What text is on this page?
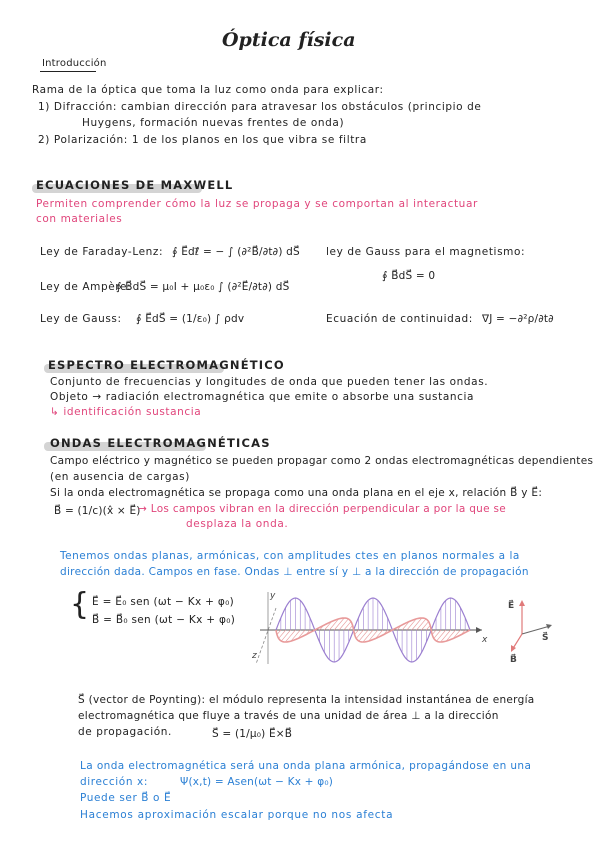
Óptica física
Introducción
Rama de la óptica que toma la luz como onda para explicar:
1) Difracción: cambian dirección para atravesar los obstáculos (principio de
Huygens, formación nuevas frentes de onda)
2) Polarización: 1 de los planos en los que vibra se filtra
ECUACIONES DE MAXWELL
Permiten comprender cómo la luz se propaga y se comportan al interactuar
con materiales
Ley de Faraday-Lenz: ∮ E⃗dℓ⃗ = − ∫ (∂²B⃗/∂t∂) dS⃗ ley de Gauss para el magnetismo:
∮ B⃗dS⃗ = 0
Ley de Ampère:
∮ B⃗dS⃗ = μ₀I + μ₀ε₀ ∫ (∂²E⃗/∂t∂) dS⃗
Ley de Gauss: ∮ E⃗dS⃗ = (1/ε₀) ∫ ρdv	Ecuación de continuidad: ∇J = −∂²ρ/∂t∂
ESPECTRO ELECTROMAGNÉTICO
Conjunto de frecuencias y longitudes de onda que pueden tener las ondas.
Objeto → radiación electromagnética que emite o absorbe una sustancia
↳ identificación sustancia
ONDAS ELECTROMAGNÉTICAS
Campo eléctrico y magnético se pueden propagar como 2 ondas electromagnéticas dependientes
(en ausencia de cargas)
Si la onda electromagnética se propaga como una onda plana en el eje x, relación B⃗ y E⃗:
B⃗ = (1/c)(x̂ × E⃗)
→ Los campos vibran en la dirección perpendicular a por la que se
desplaza la onda.
Tenemos ondas planas, armónicas, con amplitudes ctes en planos normales a la
dirección dada. Campos en fase. Ondas ⊥ entre sí y ⊥ a la dirección de propagación
{ E⃗ = E⃗₀ sen (ωt − Kx + φ₀)
B⃗ = B⃗₀ sen (ωt − Kx + φ₀)
y
z
x
E⃗
S⃗
B⃗
S⃗ (vector de Poynting): el módulo representa la intensidad instantánea de energía
electromagnética que fluye a través de una unidad de área ⊥ a la dirección
de propagación.	S⃗ = (1/μ₀) E⃗×B⃗
La onda electromagnética será una onda plana armónica, propagándose en una
dirección x:	Ψ(x,t) = Asen(ωt − Kx + φ₀)
Puede ser B⃗ o E⃗
Hacemos aproximación escalar porque no nos afecta
